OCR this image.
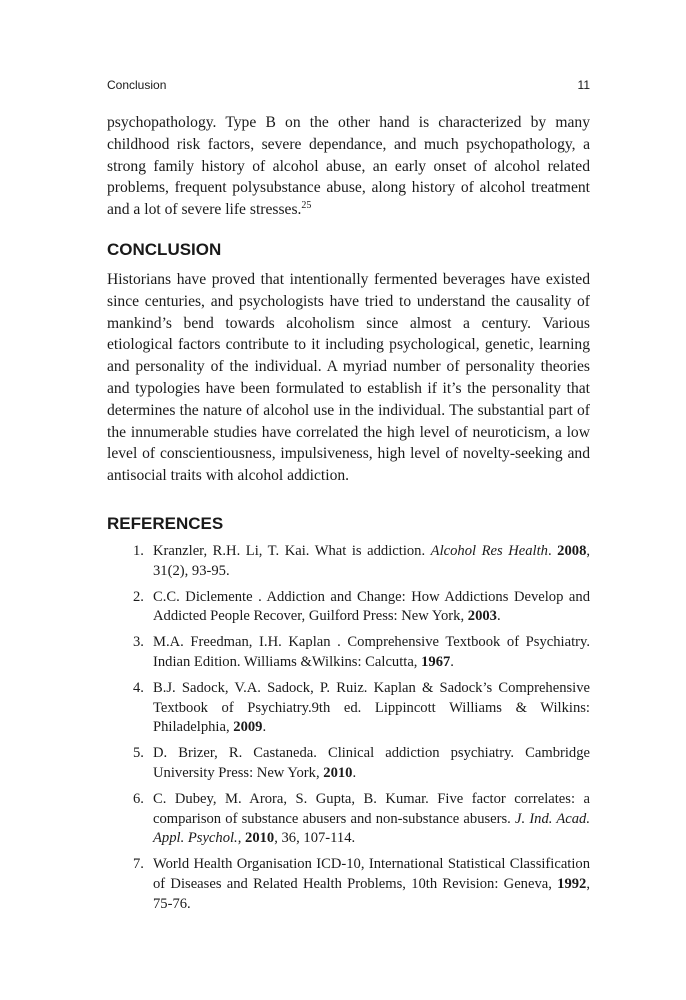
Conclusion	11

psychopathology. Type B on the other hand is characterized by many childhood risk factors, severe dependance, and much psychopathology, a strong family history of alcohol abuse, an early onset of alcohol related problems, frequent polysubstance abuse, along history of alcohol treatment and a lot of severe life stresses.$^{25}$

CONCLUSION

Historians have proved that intentionally fermented beverages have existed since centuries, and psychologists have tried to understand the causality of mankind’s bend towards alcoholism since almost a century. Various etiological factors contribute to it including psychological, genetic, learning and personality of the individual. A myriad number of personality theories and typologies have been formulated to establish if it’s the personality that determines the nature of alcohol use in the individual. The substantial part of the innumerable studies have correlated the high level of neuroticism, a low level of conscientiousness, impulsiveness, high level of novelty-seeking and antisocial traits with alcohol addiction.

REFERENCES
1. Kranzler, R.H. Li, T. Kai. What is addiction. Alcohol Res Health. 2008, 31(2), 93-95.
2. C.C. Diclemente . Addiction and Change: How Addictions Develop and Addicted People Recover, Guilford Press: New York, 2003.
3. M.A. Freedman, I.H. Kaplan . Comprehensive Textbook of Psychiatry. Indian Edition. Williams &Wilkins: Calcutta, 1967.
4. B.J. Sadock, V.A. Sadock, P. Ruiz. Kaplan & Sadock’s Comprehensive Textbook of Psychiatry.9th ed. Lippincott Williams & Wilkins: Philadelphia, 2009.
5. D. Brizer, R. Castaneda. Clinical addiction psychiatry. Cambridge University Press: New York, 2010.
6. C. Dubey, M. Arora, S. Gupta, B. Kumar. Five factor correlates: a comparison of substance abusers and non-substance abusers. J. Ind. Acad. Appl. Psychol., 2010, 36, 107-114.
7. World Health Organisation ICD-10, International Statistical Classification of Diseases and Related Health Problems, 10th Revision: Geneva, 1992, 75-76.
